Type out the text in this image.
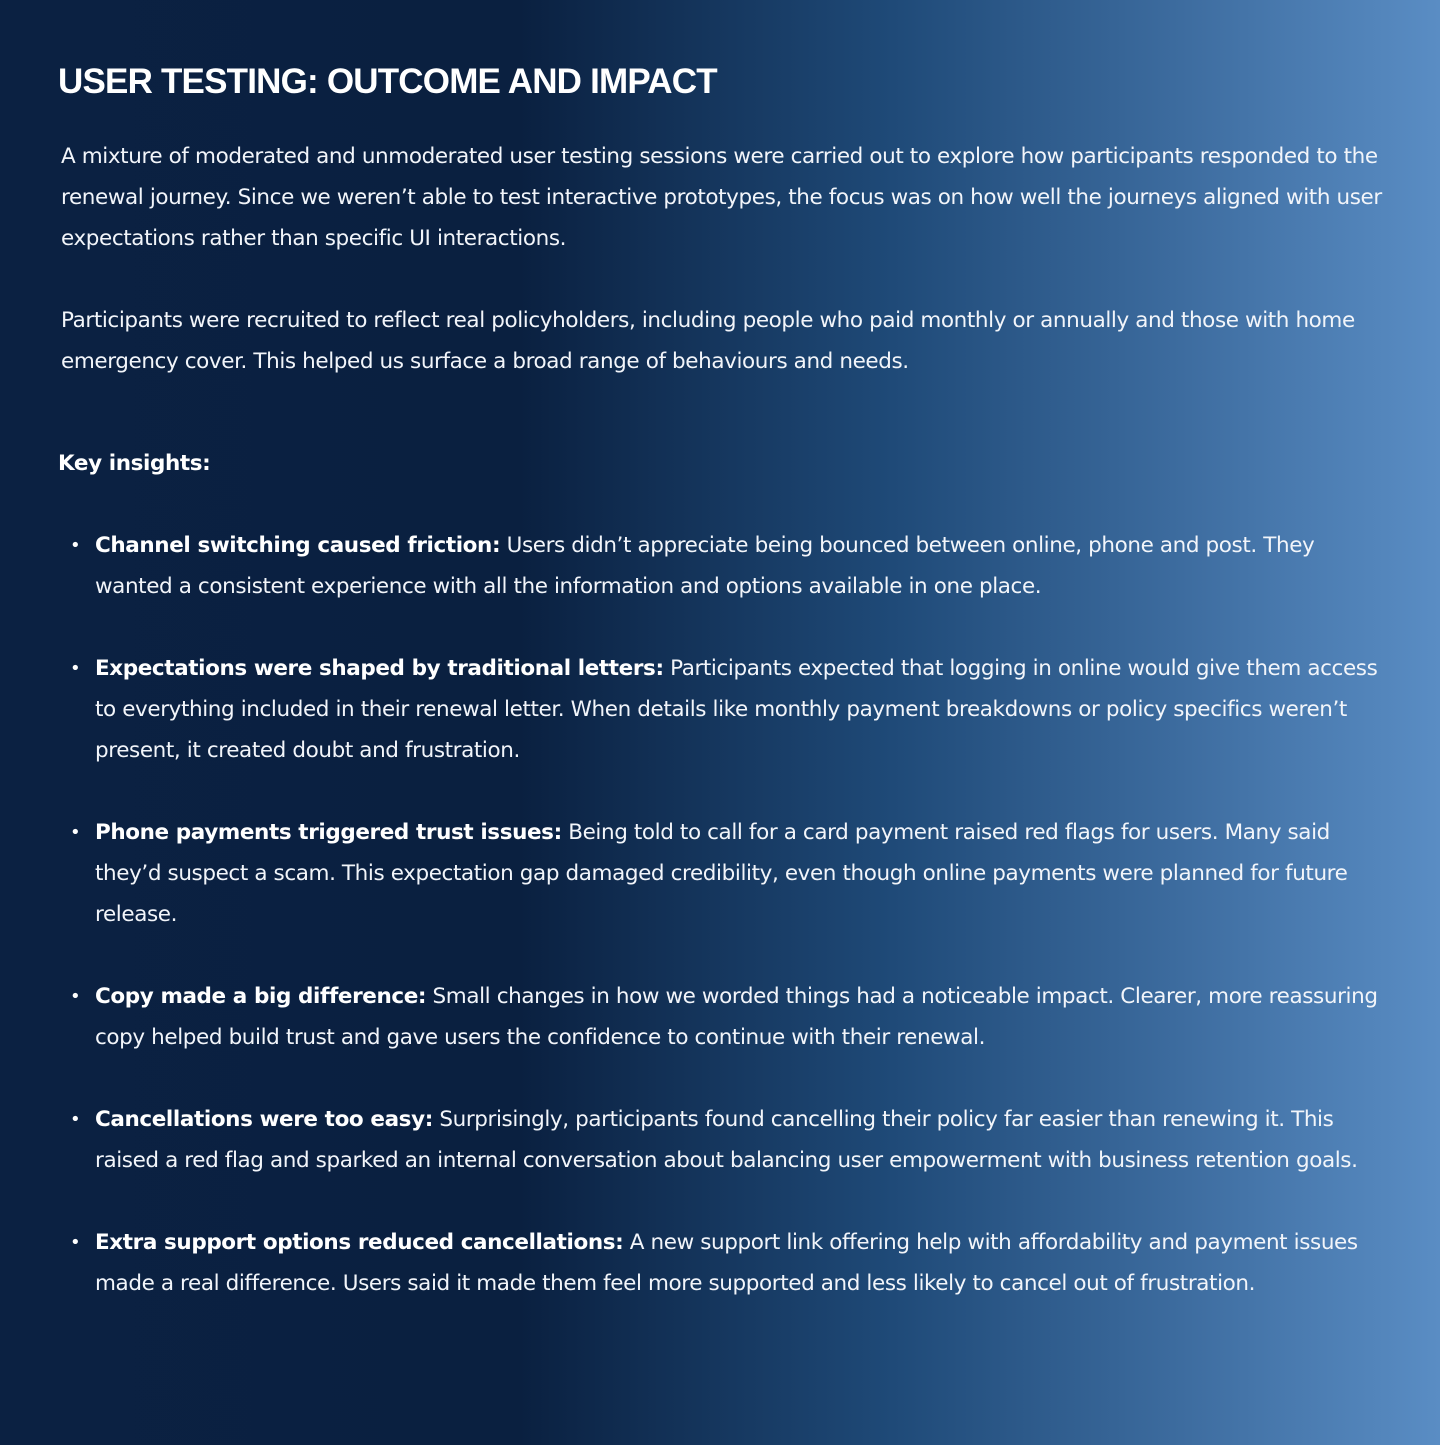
USER TESTING: OUTCOME AND IMPACT

A mixture of moderated and unmoderated user testing sessions were carried out to explore how participants responded to the renewal journey. Since we weren’t able to test interactive prototypes, the focus was on how well the journeys aligned with user expectations rather than specific UI interactions.

Participants were recruited to reflect real policyholders, including people who paid monthly or annually and those with home emergency cover. This helped us surface a broad range of behaviours and needs.

Key insights:
• Channel switching caused friction: Users didn’t appreciate being bounced between online, phone and post. They wanted a consistent experience with all the information and options available in one place.
• Expectations were shaped by traditional letters: Participants expected that logging in online would give them access to everything included in their renewal letter. When details like monthly payment breakdowns or policy specifics weren’t present, it created doubt and frustration.
• Phone payments triggered trust issues: Being told to call for a card payment raised red flags for users. Many said they’d suspect a scam. This expectation gap damaged credibility, even though online payments were planned for future release.
• Copy made a big difference: Small changes in how we worded things had a noticeable impact. Clearer, more reassuring copy helped build trust and gave users the confidence to continue with their renewal.
• Cancellations were too easy: Surprisingly, participants found cancelling their policy far easier than renewing it. This raised a red flag and sparked an internal conversation about balancing user empowerment with business retention goals.
• Extra support options reduced cancellations: A new support link offering help with affordability and payment issues made a real difference. Users said it made them feel more supported and less likely to cancel out of frustration.
